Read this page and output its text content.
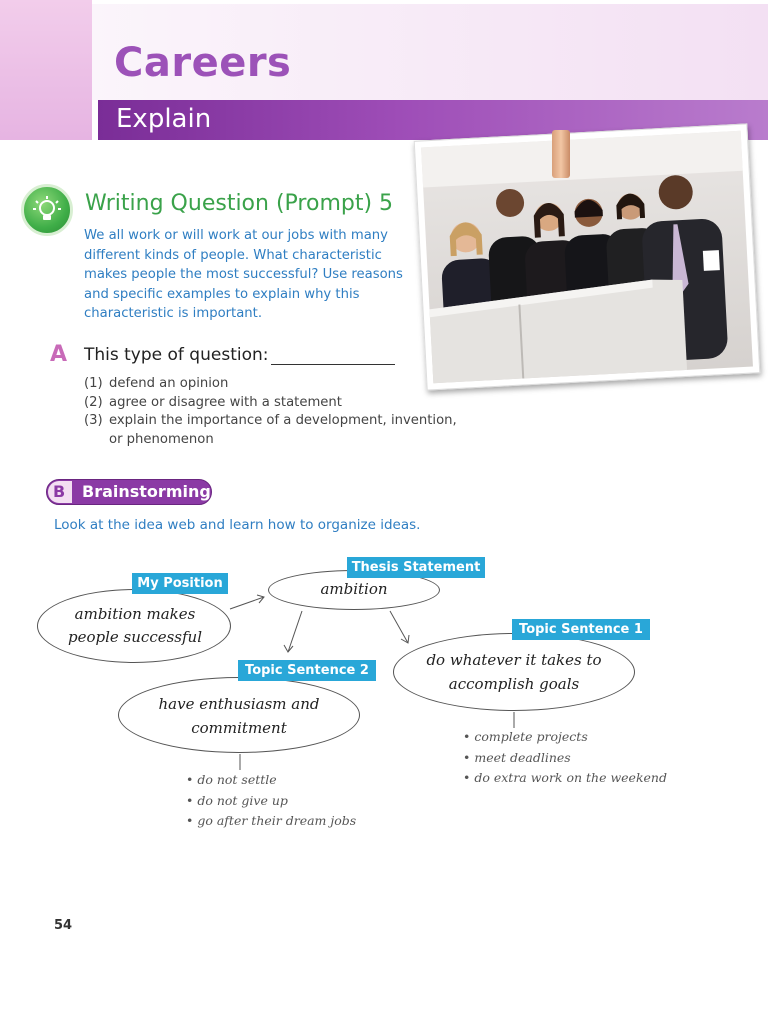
Careers
Explain
Writing Question (Prompt) 5
We all work or will work at our jobs with many
different kinds of people. What characteristic
makes people the most successful? Use reasons
and specific examples to explain why this
characteristic is important.
A This type of question:
(1) defend an opinion
(2) agree or disagree with a statement
(3) explain the importance of a development, invention,
or phenomenon
B Brainstorming
Look at the idea web and learn how to organize ideas.
My Position
ambition makes
people successful
Thesis Statement
ambition
Topic Sentence 1
do whatever it takes to
accomplish goals
Topic Sentence 2
have enthusiasm and
commitment	• complete projects
• meet deadlines
• do extra work on the weekend
• do not settle
• do not give up
• go after their dream jobs
54
